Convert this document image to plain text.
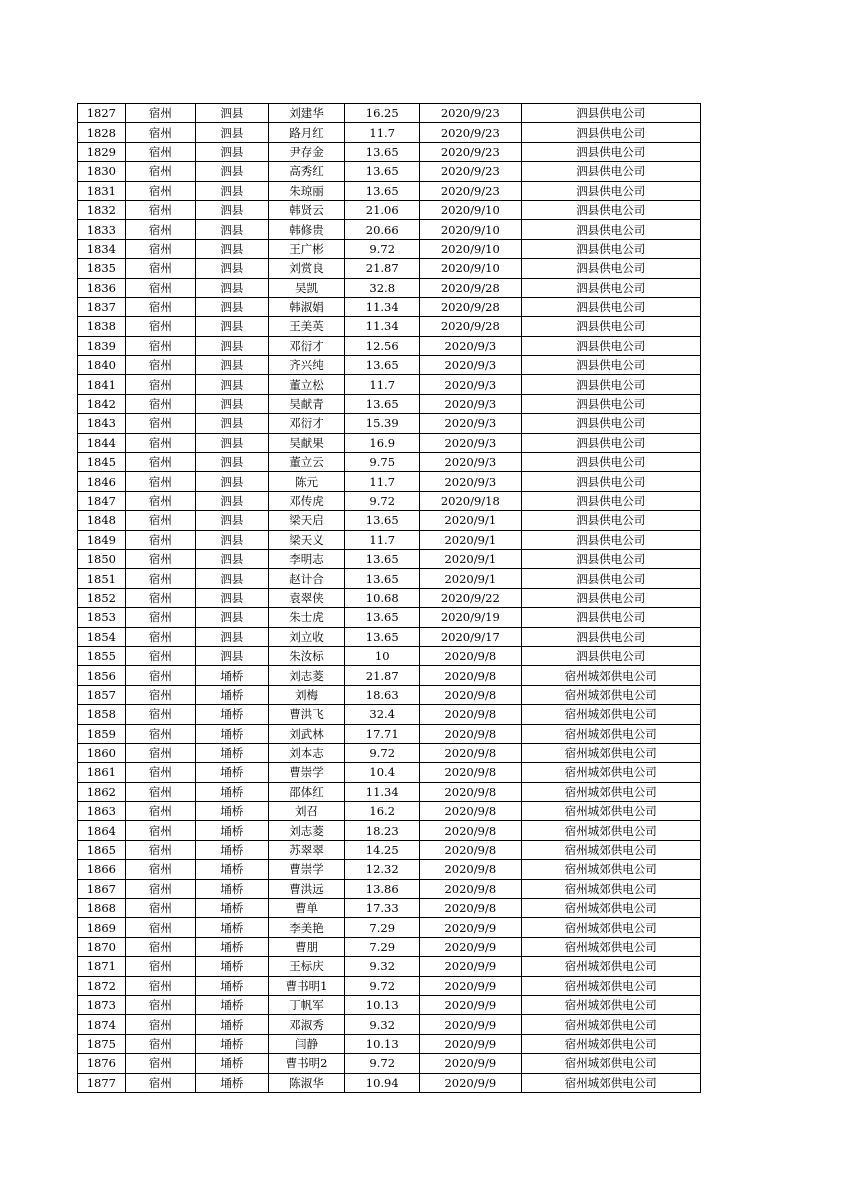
1827	宿州	泗县	刘建华	16.25	2020/9/23	泗县供电公司
1828	宿州	泗县	路月红	11.7	2020/9/23	泗县供电公司
1829	宿州	泗县	尹存金	13.65	2020/9/23	泗县供电公司
1830	宿州	泗县	高秀红	13.65	2020/9/23	泗县供电公司
1831	宿州	泗县	朱琼丽	13.65	2020/9/23	泗县供电公司
1832	宿州	泗县	韩贤云	21.06	2020/9/10	泗县供电公司
1833	宿州	泗县	韩修贵	20.66	2020/9/10	泗县供电公司
1834	宿州	泗县	王广彬	9.72	2020/9/10	泗县供电公司
1835	宿州	泗县	刘赏良	21.87	2020/9/10	泗县供电公司
1836	宿州	泗县	吴凯	32.8	2020/9/28	泗县供电公司
1837	宿州	泗县	韩淑娟	11.34	2020/9/28	泗县供电公司
1838	宿州	泗县	王美英	11.34	2020/9/28	泗县供电公司
1839	宿州	泗县	邓衍才	12.56	2020/9/3	泗县供电公司
1840	宿州	泗县	齐兴纯	13.65	2020/9/3	泗县供电公司
1841	宿州	泗县	董立松	11.7	2020/9/3	泗县供电公司
1842	宿州	泗县	吴献青	13.65	2020/9/3	泗县供电公司
1843	宿州	泗县	邓衍才	15.39	2020/9/3	泗县供电公司
1844	宿州	泗县	吴献果	16.9	2020/9/3	泗县供电公司
1845	宿州	泗县	董立云	9.75	2020/9/3	泗县供电公司
1846	宿州	泗县	陈元	11.7	2020/9/3	泗县供电公司
1847	宿州	泗县	邓传虎	9.72	2020/9/18	泗县供电公司
1848	宿州	泗县	梁天启	13.65	2020/9/1	泗县供电公司
1849	宿州	泗县	梁天义	11.7	2020/9/1	泗县供电公司
1850	宿州	泗县	李明志	13.65	2020/9/1	泗县供电公司
1851	宿州	泗县	赵计合	13.65	2020/9/1	泗县供电公司
1852	宿州	泗县	袁翠侠	10.68	2020/9/22	泗县供电公司
1853	宿州	泗县	朱士虎	13.65	2020/9/19	泗县供电公司
1854	宿州	泗县	刘立收	13.65	2020/9/17	泗县供电公司
1855	宿州	泗县	朱汝标	10	2020/9/8	泗县供电公司
1856	宿州	埇桥	刘志菱	21.87	2020/9/8	宿州城郊供电公司
1857	宿州	埇桥	刘梅	18.63	2020/9/8	宿州城郊供电公司
1858	宿州	埇桥	曹洪飞	32.4	2020/9/8	宿州城郊供电公司
1859	宿州	埇桥	刘武林	17.71	2020/9/8	宿州城郊供电公司
1860	宿州	埇桥	刘本志	9.72	2020/9/8	宿州城郊供电公司
1861	宿州	埇桥	曹崇学	10.4	2020/9/8	宿州城郊供电公司
1862	宿州	埇桥	邵体红	11.34	2020/9/8	宿州城郊供电公司
1863	宿州	埇桥	刘召	16.2	2020/9/8	宿州城郊供电公司
1864	宿州	埇桥	刘志菱	18.23	2020/9/8	宿州城郊供电公司
1865	宿州	埇桥	苏翠翠	14.25	2020/9/8	宿州城郊供电公司
1866	宿州	埇桥	曹崇学	12.32	2020/9/8	宿州城郊供电公司
1867	宿州	埇桥	曹洪远	13.86	2020/9/8	宿州城郊供电公司
1868	宿州	埇桥	曹单	17.33	2020/9/8	宿州城郊供电公司
1869	宿州	埇桥	李美艳	7.29	2020/9/9	宿州城郊供电公司
1870	宿州	埇桥	曹朋	7.29	2020/9/9	宿州城郊供电公司
1871	宿州	埇桥	王标庆	9.32	2020/9/9	宿州城郊供电公司
1872	宿州	埇桥	曹书明1	9.72	2020/9/9	宿州城郊供电公司
1873	宿州	埇桥	丁帆军	10.13	2020/9/9	宿州城郊供电公司
1874	宿州	埇桥	邓淑秀	9.32	2020/9/9	宿州城郊供电公司
1875	宿州	埇桥	闫静	10.13	2020/9/9	宿州城郊供电公司
1876	宿州	埇桥	曹书明2	9.72	2020/9/9	宿州城郊供电公司
1877	宿州	埇桥	陈淑华	10.94	2020/9/9	宿州城郊供电公司
